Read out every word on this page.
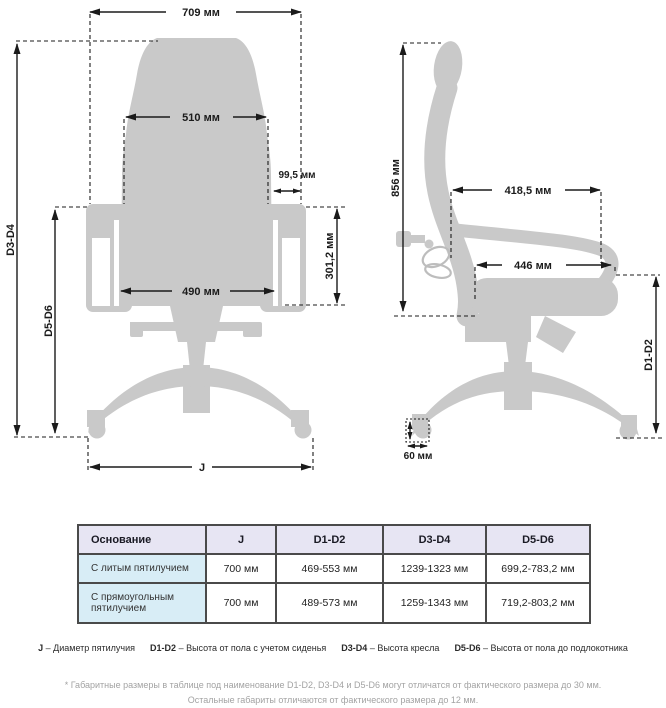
709 мм
D3-D4
D5-D6
510 мм
99,5 мм
301,2 мм
490 мм
J
856 мм	418,5 мм
446 мм
D1-D2
60 мм
Основание	J	D1-D2	D3-D4	D5-D6
С литым пятилучием	700 мм	469-553 мм	1239-1323 мм	699,2-783,2 мм
С прямоугольным пятилучием	700 мм	489-573 мм	1259-1343 мм	719,2-803,2 мм
J – Диаметр пятилучия D1-D2 – Высота от пола с учетом сиденья D3-D4 – Высота кресла D5-D6 – Высота от пола до подлокотника
* Габаритные размеры в таблице под наименование D1-D2, D3-D4 и D5-D6 могут отличатся от фактического размера до 30 мм.
Остальные габариты отличаются от фактического размера до 12 мм.
